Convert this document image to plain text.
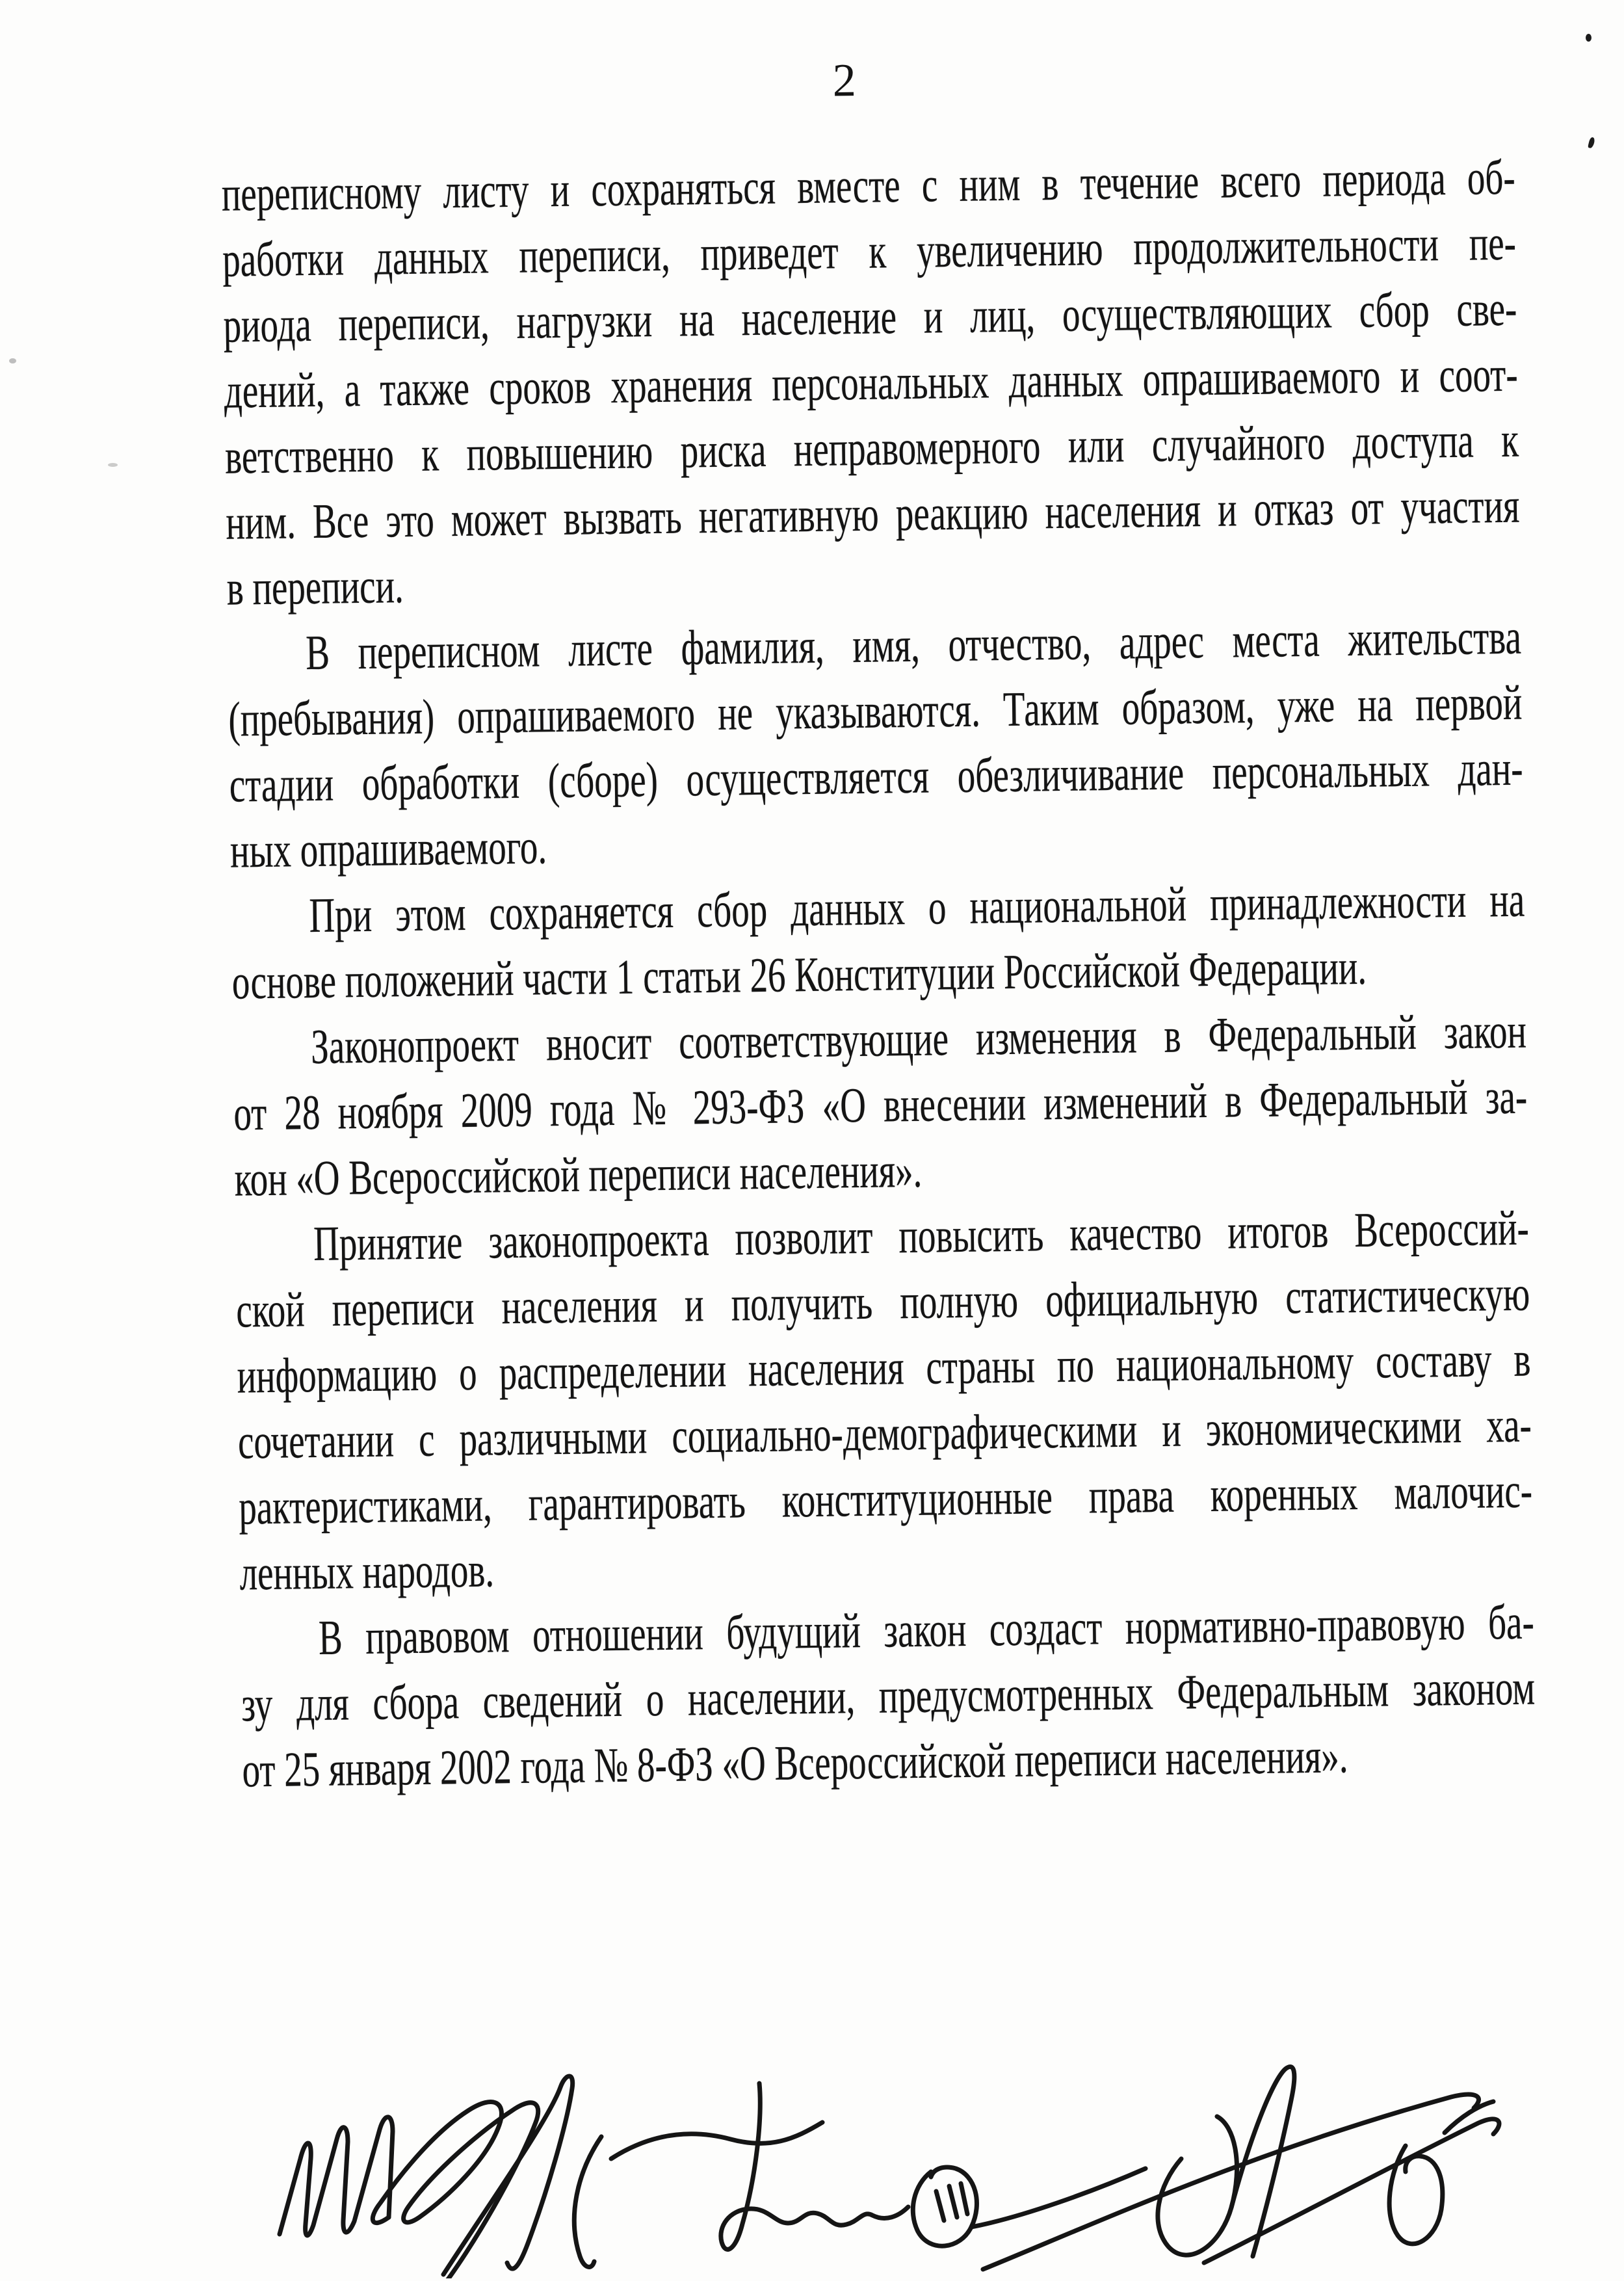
2
переписному листу и сохраняться вместе с ним в течение всего периода об-
работки данных переписи, приведет к увеличению продолжительности пе-
риода переписи, нагрузки на население и лиц, осуществляющих сбор све-
дений, а также сроков хранения персональных данных опрашиваемого и соот-
ветственно к повышению риска неправомерного или случайного доступа к
ним. Все это может вызвать негативную реакцию населения и отказ от участия
в переписи.
В переписном листе фамилия, имя, отчество, адрес места жительства
(пребывания) опрашиваемого не указываются. Таким образом, уже на первой
стадии обработки (сборе) осуществляется обезличивание персональных дан-
ных опрашиваемого.
При этом сохраняется сбор данных о национальной принадлежности на
основе положений части 1 статьи 26 Конституции Российской Федерации.
Законопроект вносит соответствующие изменения в Федеральный закон
от 28 ноября 2009 года № 293-ФЗ «О внесении изменений в Федеральный за-
кон «О Всероссийской переписи населения».
Принятие законопроекта позволит повысить качество итогов Всероссий-
ской переписи населения и получить полную официальную статистическую
информацию о распределении населения страны по национальному составу в
сочетании с различными социально-демографическими и экономическими ха-
рактеристиками, гарантировать конституционные права коренных малочис-
ленных народов.
В правовом отношении будущий закон создаст нормативно-правовую ба-
зу для сбора сведений о населении, предусмотренных Федеральным законом
от 25 января 2002 года № 8-ФЗ «О Всероссийской переписи населения».
